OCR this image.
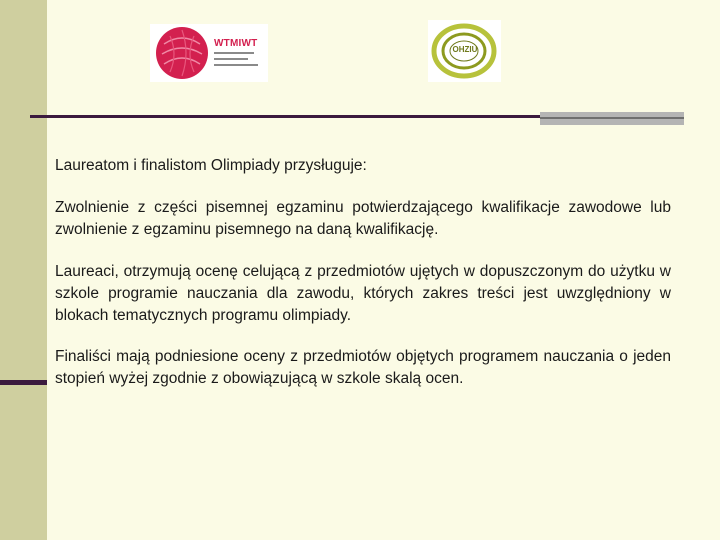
WTMIWT
OHZIU

Laureatom i finalistom Olimpiady przysługuje:

Zwolnienie z części pisemnej egzaminu potwierdzającego kwalifikacje zawodowe lub zwolnienie z egzaminu pisemnego na daną kwalifikację.

Laureaci, otrzymują ocenę celującą z przedmiotów ujętych w dopuszczonym do użytku w szkole programie nauczania dla zawodu, których zakres treści jest uwzględniony w blokach tematycznych programu olimpiady.

Finaliści mają podniesione oceny z przedmiotów objętych programem nauczania o jeden stopień wyżej zgodnie z obowiązującą w szkole skalą ocen.
